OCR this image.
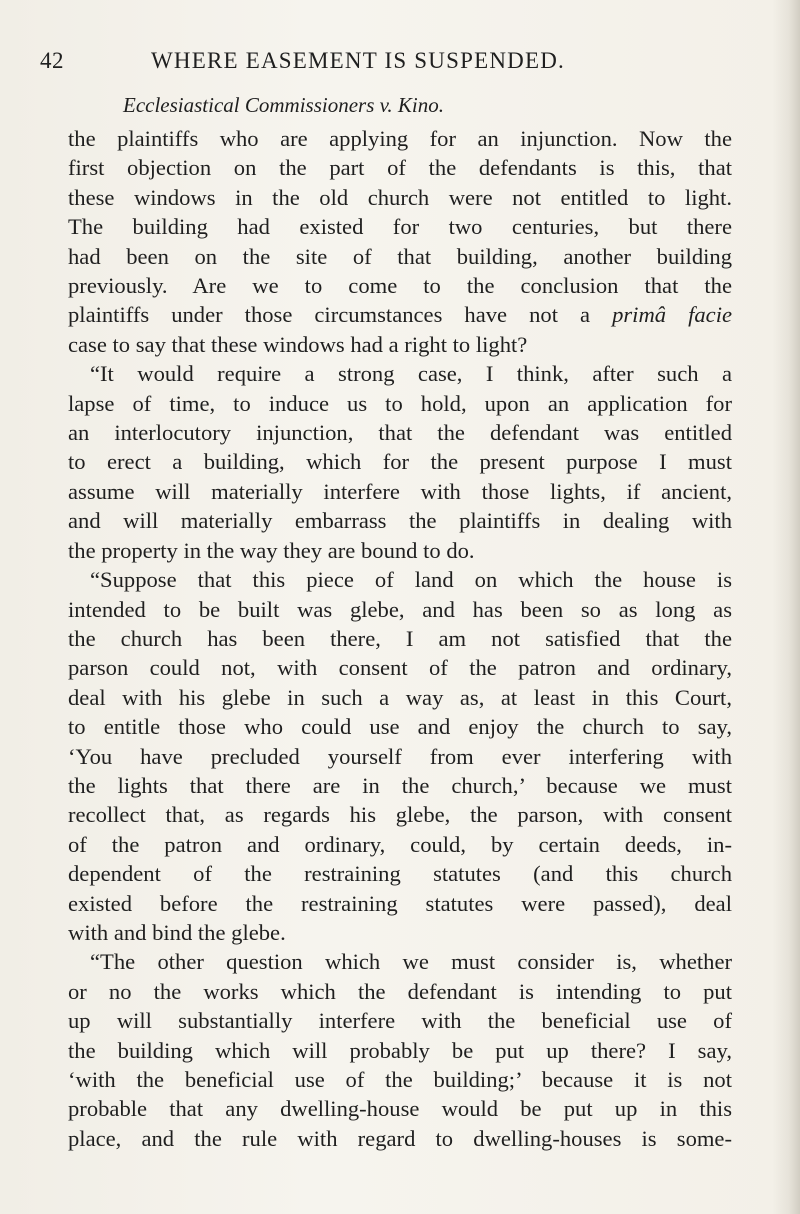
42	WHERE EASEMENT IS SUSPENDED.
Ecclesiastical Commissioners v. Kino.
the plaintiffs who are applying for an injunction. Now the
first objection on the part of the defendants is this, that
these windows in the old church were not entitled to light.
The building had existed for two centuries, but there
had been on the site of that building, another building
previously. Are we to come to the conclusion that the
plaintiffs under those circumstances have not a primâ facie
case to say that these windows had a right to light?
“It would require a strong case, I think, after such a
lapse of time, to induce us to hold, upon an application for
an interlocutory injunction, that the defendant was entitled
to erect a building, which for the present purpose I must
assume will materially interfere with those lights, if ancient,
and will materially embarrass the plaintiffs in dealing with
the property in the way they are bound to do.
“Suppose that this piece of land on which the house is
intended to be built was glebe, and has been so as long as
the church has been there, I am not satisfied that the
parson could not, with consent of the patron and ordinary,
deal with his glebe in such a way as, at least in this Court,
to entitle those who could use and enjoy the church to say,
‘You have precluded yourself from ever interfering with
the lights that there are in the church,’ because we must
recollect that, as regards his glebe, the parson, with consent
of the patron and ordinary, could, by certain deeds, in-
dependent of the restraining statutes (and this church
existed before the restraining statutes were passed), deal
with and bind the glebe.
“The other question which we must consider is, whether
or no the works which the defendant is intending to put
up will substantially interfere with the beneficial use of
the building which will probably be put up there? I say,
‘with the beneficial use of the building;’ because it is not
probable that any dwelling-house would be put up in this
place, and the rule with regard to dwelling-houses is some-
